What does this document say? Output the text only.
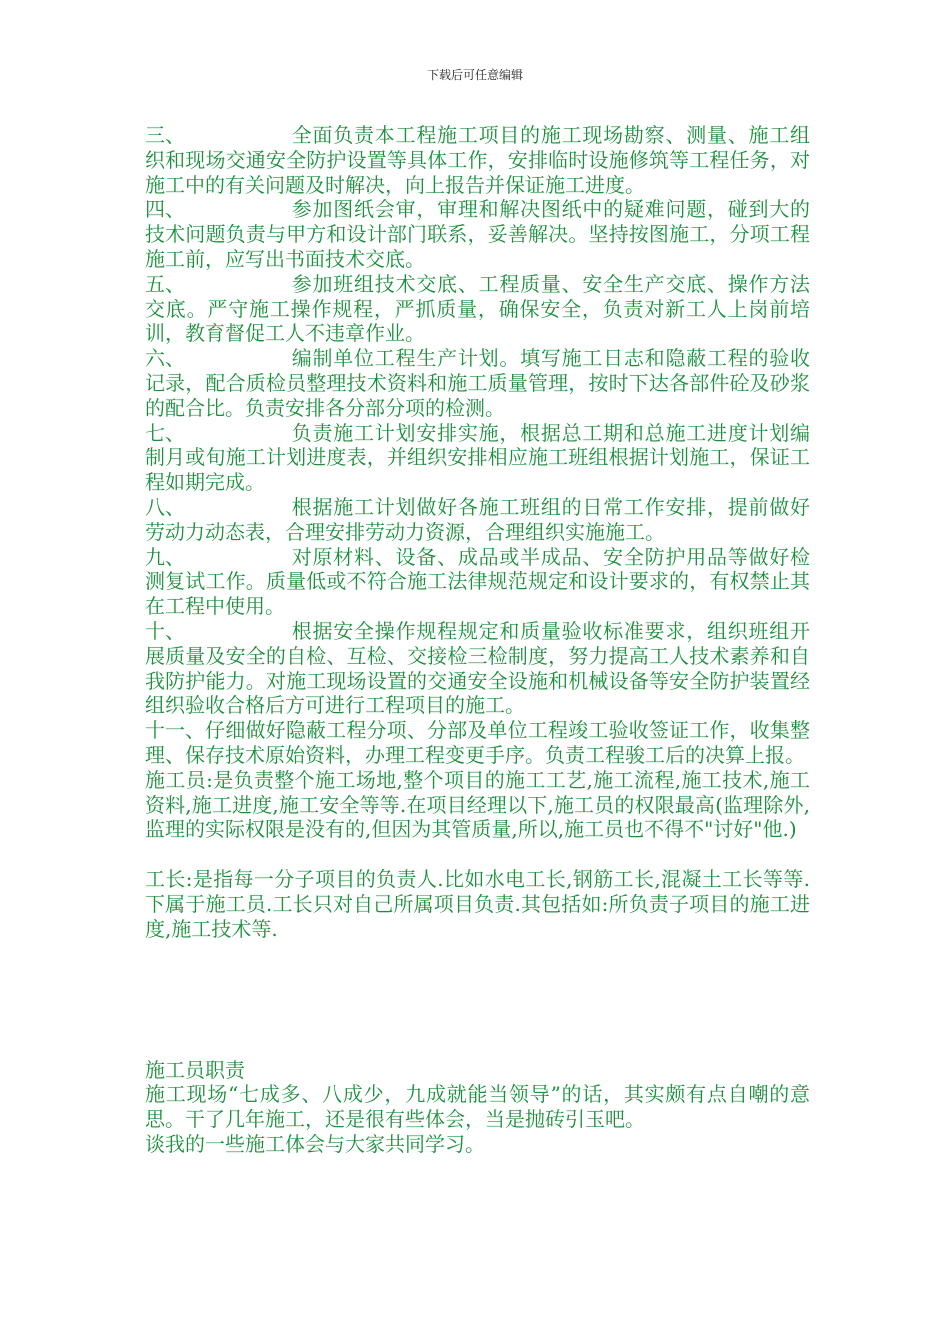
下载后可任意编辑

三、	全面负责本工程施工项目的施工现场勘察、测量、施工组织和现场交通安全防护设置等具体工作，安排临时设施修筑等工程任务，对施工中的有关问题及时解决，向上报告并保证施工进度。

四、	参加图纸会审，审理和解决图纸中的疑难问题，碰到大的技术问题负责与甲方和设计部门联系，妥善解决。坚持按图施工，分项工程施工前，应写出书面技术交底。

五、	参加班组技术交底、工程质量、安全生产交底、操作方法交底。严守施工操作规程，严抓质量，确保安全，负责对新工人上岗前培训，教育督促工人不违章作业。

六、	编制单位工程生产计划。填写施工日志和隐蔽工程的验收记录，配合质检员整理技术资料和施工质量管理，按时下达各部件砼及砂浆的配合比。负责安排各分部分项的检测。

七、	负责施工计划安排实施，根据总工期和总施工进度计划编制月或旬施工计划进度表，并组织安排相应施工班组根据计划施工，保证工程如期完成。

八、	根据施工计划做好各施工班组的日常工作安排，提前做好劳动力动态表，合理安排劳动力资源，合理组织实施施工。

九、	对原材料、设备、成品或半成品、安全防护用品等做好检测复试工作。质量低或不符合施工法律规范规定和设计要求的，有权禁止其在工程中使用。

十、	根据安全操作规程规定和质量验收标准要求，组织班组开展质量及安全的自检、互检、交接检三检制度，努力提高工人技术素养和自我防护能力。对施工现场设置的交通安全设施和机械设备等安全防护装置经组织验收合格后方可进行工程项目的施工。

十一、仔细做好隐蔽工程分项、分部及单位工程竣工验收签证工作，收集整理、保存技术原始资料，办理工程变更手序。负责工程骏工后的决算上报。

施工员:是负责整个施工场地,整个项目的施工工艺,施工流程,施工技术,施工资料,施工进度,施工安全等等.在项目经理以下,施工员的权限最高(监理除外,监理的实际权限是没有的,但因为其管质量,所以,施工员也不得不"讨好"他.)

工长:是指每一分子项目的负责人.比如水电工长,钢筋工长,混凝土工长等等.下属于施工员.工长只对自己所属项目负责.其包括如:所负责子项目的施工进度,施工技术等.

施工员职责

施工现场“七成多、八成少，九成就能当领导”的话，其实颇有点自嘲的意思。干了几年施工，还是很有些体会，当是抛砖引玉吧。

谈我的一些施工体会与大家共同学习。
